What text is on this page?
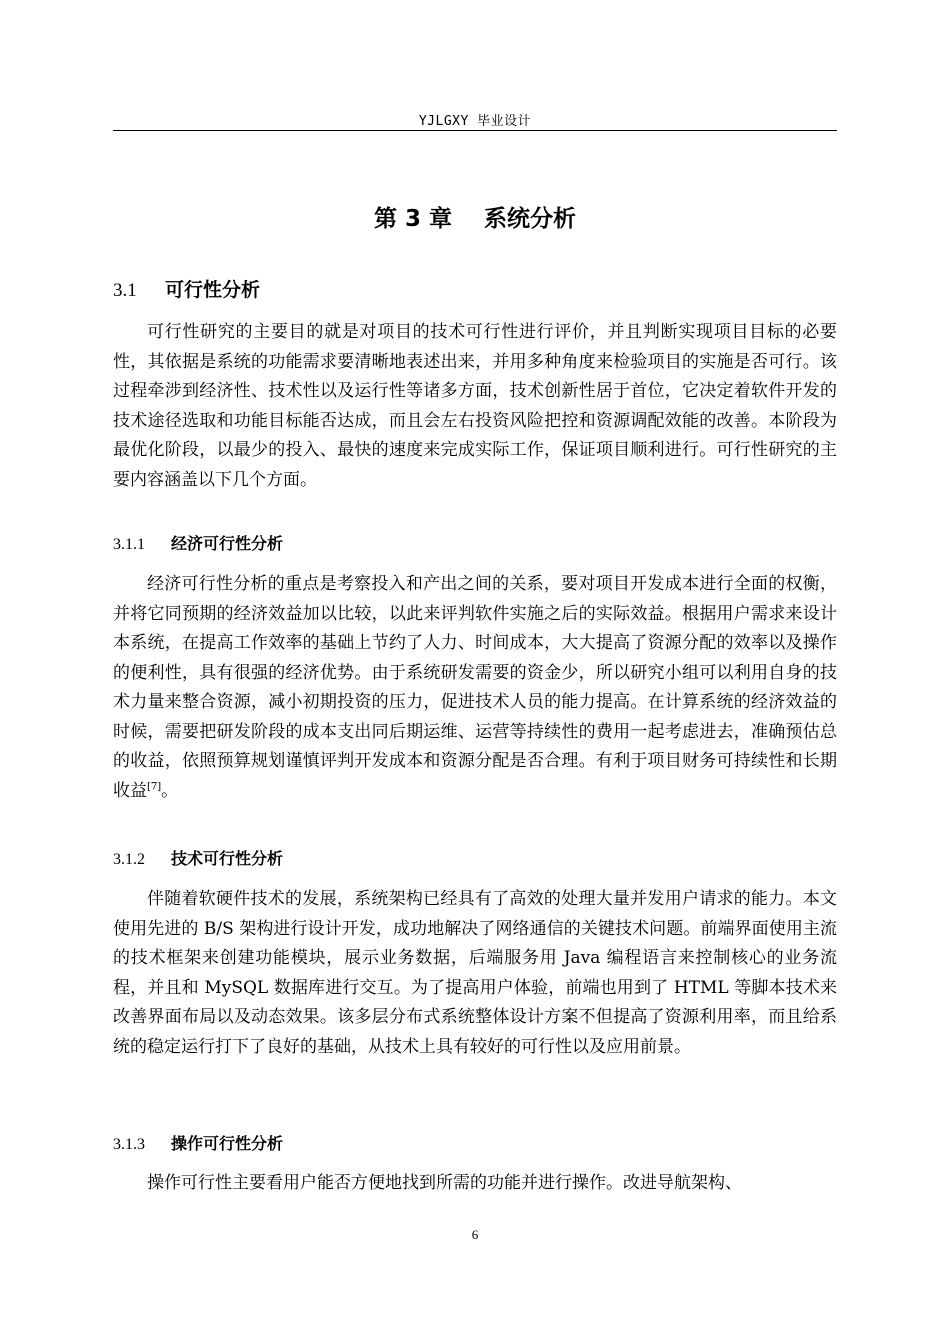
YJLGXY 毕业设计
第 3 章    系统分析
3.1 可行性分析

可行性研究的主要目的就是对项目的技术可行性进行评价，并且判断实现项目目标的必要性，其依据是系统的功能需求要清晰地表述出来，并用多种角度来检验项目的实施是否可行。该过程牵涉到经济性、技术性以及运行性等诸多方面，技术创新性居于首位，它决定着软件开发的技术途径选取和功能目标能否达成，而且会左右投资风险把控和资源调配效能的改善。本阶段为最优化阶段，以最少的投入、最快的速度来完成实际工作，保证项目顺利进行。可行性研究的主要内容涵盖以下几个方面。

3.1.1 经济可行性分析

经济可行性分析的重点是考察投入和产出之间的关系，要对项目开发成本进行全面的权衡，并将它同预期的经济效益加以比较，以此来评判软件实施之后的实际效益。根据用户需求来设计本系统，在提高工作效率的基础上节约了人力、时间成本，大大提高了资源分配的效率以及操作的便利性，具有很强的经济优势。由于系统研发需要的资金少，所以研究小组可以利用自身的技术力量来整合资源，减小初期投资的压力，促进技术人员的能力提高。在计算系统的经济效益的时候，需要把研发阶段的成本支出同后期运维、运营等持续性的费用一起考虑进去，准确预估总的收益，依照预算规划谨慎评判开发成本和资源分配是否合理。有利于项目财务可持续性和长期收益[7]。

3.1.2 技术可行性分析

伴随着软硬件技术的发展，系统架构已经具有了高效的处理大量并发用户请求的能力。本文使用先进的 B/S 架构进行设计开发，成功地解决了网络通信的关键技术问题。前端界面使用主流的技术框架来创建功能模块，展示业务数据，后端服务用 Java 编程语言来控制核心的业务流程，并且和 MySQL 数据库进行交互。为了提高用户体验，前端也用到了 HTML 等脚本技术来改善界面布局以及动态效果。该多层分布式系统整体设计方案不但提高了资源利用率，而且给系统的稳定运行打下了良好的基础，从技术上具有较好的可行性以及应用前景。

3.1.3 操作可行性分析

操作可行性主要看用户能否方便地找到所需的功能并进行操作。改进导航架构、

6
